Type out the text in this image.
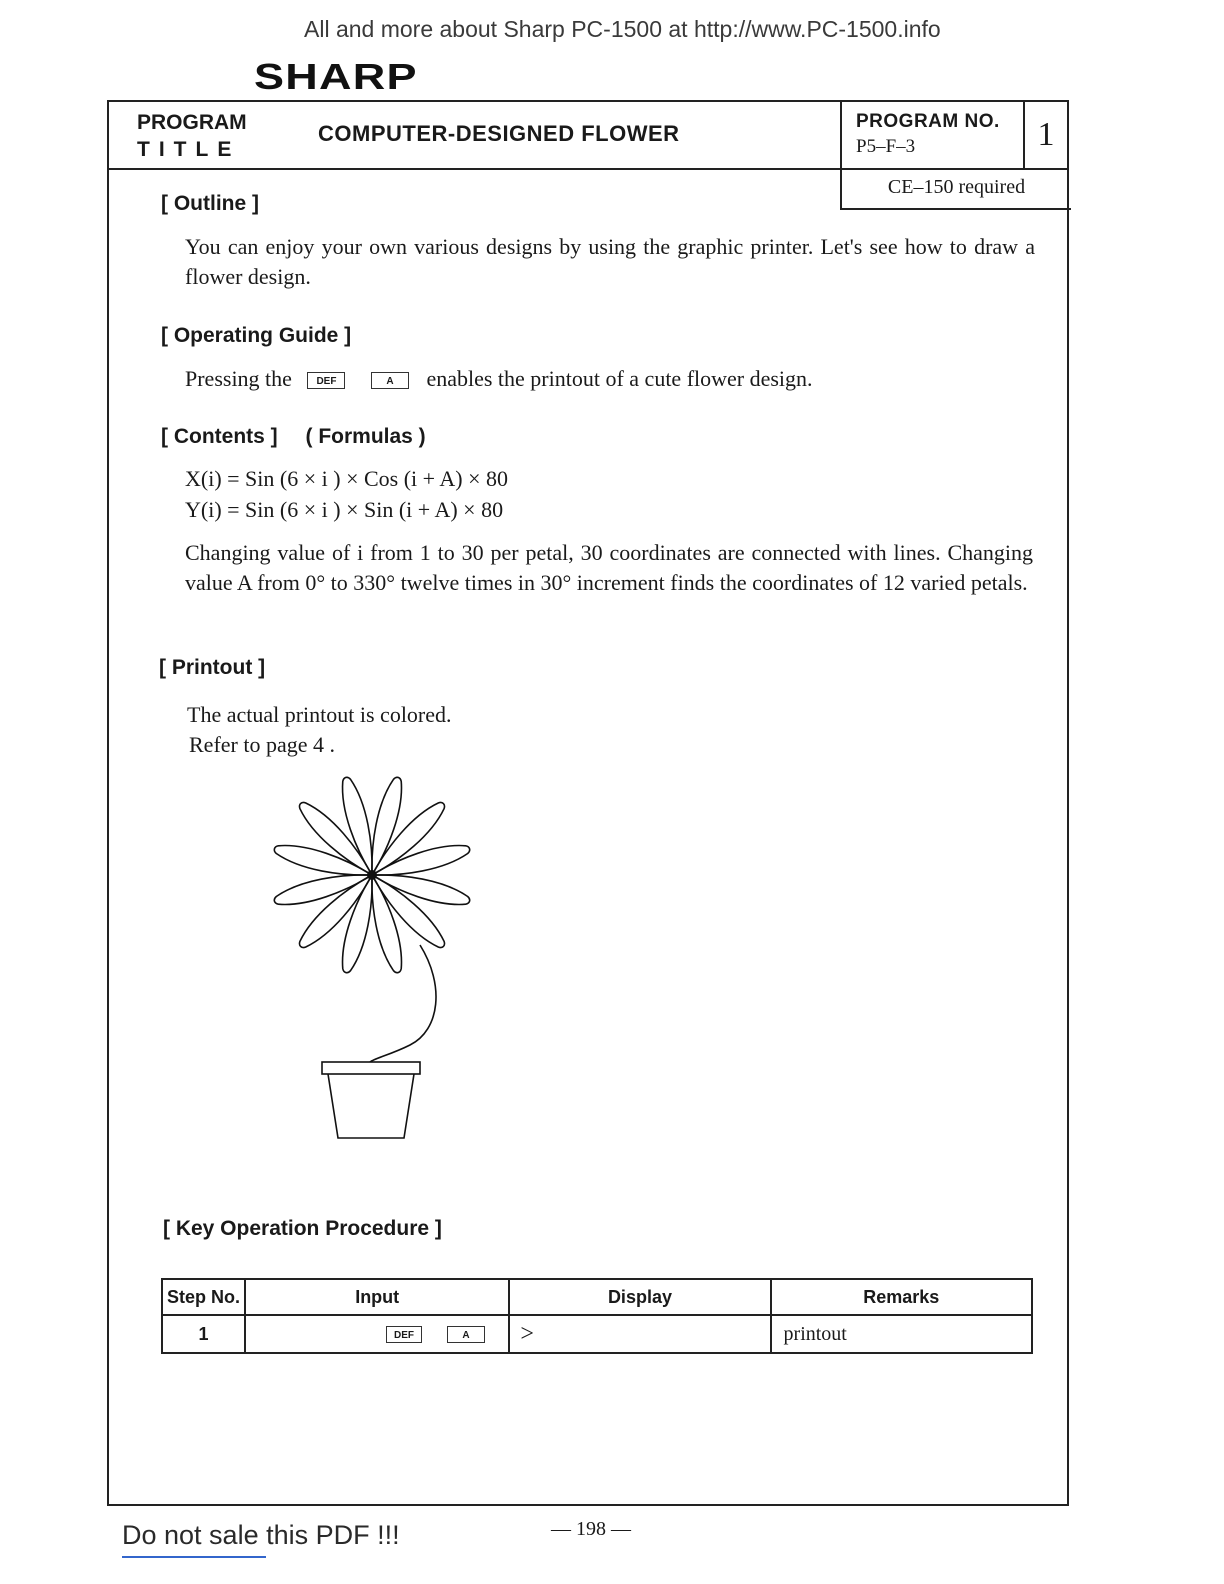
All and more about Sharp PC-1500 at http://www.PC-1500.info
SHARP
PROGRAM
TITLE
COMPUTER-DESIGNED FLOWER	PROGRAM NO.
P5–F–3	1
CE–150 required
[ Outline ]
You can enjoy your own various designs by using the graphic printer. Let's see how to draw a flower design.
[ Operating Guide ]
Pressing the DEF	A enables the printout of a cute flower design.
[ Contents ] ( Formulas )
X(i) = Sin (6 × i ) × Cos (i + A) × 80
Y(i) = Sin (6 × i ) × Sin (i + A) × 80
Changing value of i from 1 to 30 per petal, 30 coordinates are connected with lines. Changing value A from 0° to 330° twelve times in 30° increment finds the coordinates of 12 varied petals.
[ Printout ]
The actual printout is colored.
Refer to page 4 .
[ Key Operation Procedure ]
Step No.	Input	Display	Remarks
1	DEF A	>	printout
Do not sale this PDF !!!	— 198 —
